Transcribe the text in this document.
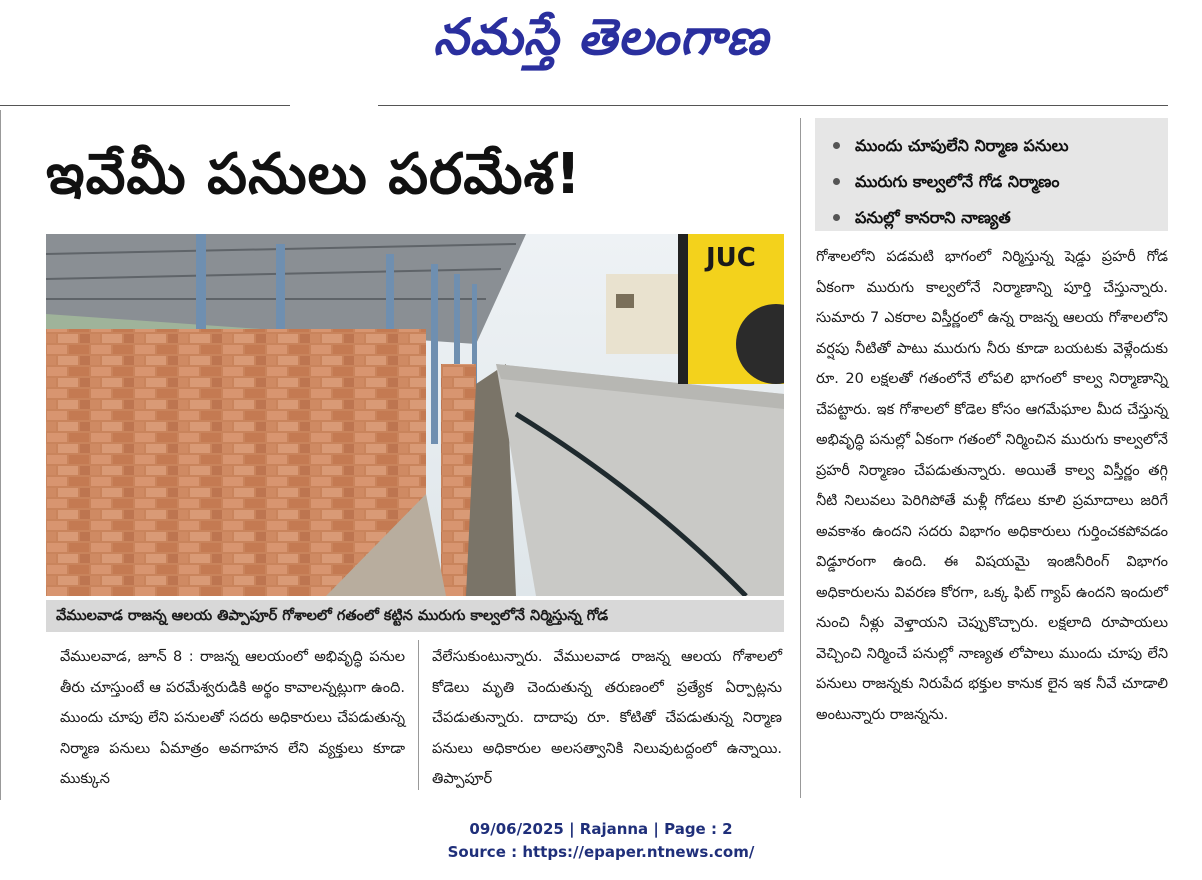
నమస్తే తెలంగాణ
ఇవేమీ పనులు పరమేశ!	ముందు చూపులేని నిర్మాణ పనులు
మురుగు కాల్వలోనే గోడ నిర్మాణం
పనుల్లో కానరాని నాణ్యత
JUC
వేములవాడ రాజన్న ఆలయ తిప్పాపూర్ గోశాలలో గతంలో కట్టిన మురుగు కాల్వలోనే నిర్మిస్తున్న గోడ

వేములవాడ, జూన్ 8 : రాజన్న ఆలయంలో అభివృద్ధి పనుల తీరు చూస్తుంటే ఆ పరమేశ్వరుడికి అర్థం కావాలన్నట్లుగా ఉంది. ముందు చూపు లేని పనులతో సదరు అధికారులు చేపడుతున్న నిర్మాణ పనులు ఏమాత్రం అవగాహన లేని వ్యక్తులు కూడా ముక్కున

వేలేసుకుంటున్నారు. వేములవాడ రాజన్న ఆలయ గోశాలలో కోడెలు మృతి చెందుతున్న తరుణంలో ప్రత్యేక ఏర్పాట్లను చేపడుతున్నారు. దాదాపు రూ. కోటితో చేపడుతున్న నిర్మాణ పనులు అధికారుల అలసత్వానికి నిలువుటద్దంలో ఉన్నాయి. తిప్పాపూర్

గోశాలలోని పడమటి భాగంలో నిర్మిస్తున్న షెడ్డు ప్రహరీ గోడ ఏకంగా మురుగు కాల్వలోనే నిర్మాణాన్ని పూర్తి చేస్తున్నారు. సుమారు 7 ఎకరాల విస్తీర్ణంలో ఉన్న రాజన్న ఆలయ గోశాలలోని వర్షపు నీటితో పాటు మురుగు నీరు కూడా బయటకు వెళ్లేందుకు రూ. 20 లక్షలతో గతంలోనే లోపలి భాగంలో కాల్వ నిర్మాణాన్ని చేపట్టారు. ఇక గోశాలలో కోడెల కోసం ఆగమేఘాల మీద చేస్తున్న అభివృద్ధి పనుల్లో ఏకంగా గతంలో నిర్మించిన మురుగు కాల్వలోనే ప్రహరీ నిర్మాణం చేపడుతున్నారు. అయితే కాల్వ విస్తీర్ణం తగ్గి నీటి నిలువలు పెరిగిపోతే మళ్లీ గోడలు కూలి ప్రమాదాలు జరిగే అవకాశం ఉందని సదరు విభాగం అధికారులు గుర్తించకపోవడం విడ్డూరంగా ఉంది. ఈ విషయమై ఇంజినీరింగ్ విభాగం అధికారులను వివరణ కోరగా, ఒక్క ఫిట్ గ్యాప్ ఉందని ఇందులో నుంచి నీళ్లు వెళ్తాయని చెప్పుకొచ్చారు. లక్షలాది రూపాయలు వెచ్చించి నిర్మించే పనుల్లో నాణ్యత లోపాలు ముందు చూపు లేని పనులు రాజన్నకు నిరుపేద భక్తుల కానుక లైన ఇక నీవే చూడాలి అంటున్నారు రాజన్నను.

09/06/2025 | Rajanna | Page : 2
Source : https://epaper.ntnews.com/
